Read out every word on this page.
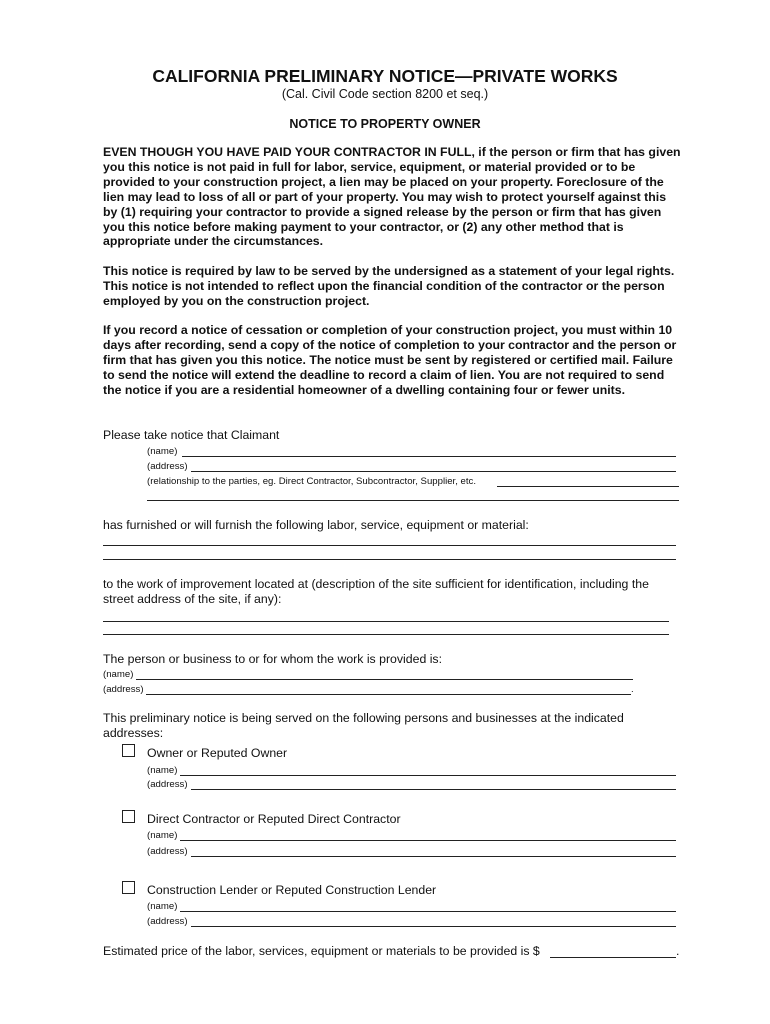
CALIFORNIA PRELIMINARY NOTICE—PRIVATE WORKS
(Cal. Civil Code section 8200 et seq.)
NOTICE TO PROPERTY OWNER

EVEN THOUGH YOU HAVE PAID YOUR CONTRACTOR IN FULL, if the person or firm that has given you this notice is not paid in full for labor, service, equipment, or material provided or to be provided to your construction project, a lien may be placed on your property. Foreclosure of the lien may lead to loss of all or part of your property. You may wish to protect yourself against this by (1) requiring your contractor to provide a signed release by the person or firm that has given you this notice before making payment to your contractor, or (2) any other method that is appropriate under the circumstances.

This notice is required by law to be served by the undersigned as a statement of your legal rights. This notice is not intended to reflect upon the financial condition of the contractor or the person employed by you on the construction project.

If you record a notice of cessation or completion of your construction project, you must within 10 days after recording, send a copy of the notice of completion to your contractor and the person or firm that has given you this notice. The notice must be sent by registered or certified mail. Failure to send the notice will extend the deadline to record a claim of lien. You are not required to send the notice if you are a residential homeowner of a dwelling containing four or fewer units.

Please take notice that Claimant
(name)
(address)
(relationship to the parties, eg. Direct Contractor, Subcontractor, Supplier, etc.
has furnished or will furnish the following labor, service, equipment or material:
to the work of improvement located at (description of the site sufficient for identification, including the street address of the site, if any):
The person or business to or for whom the work is provided is:
(name)
(address)	.
This preliminary notice is being served on the following persons and businesses at the indicated addresses:
Owner or Reputed Owner
(name)
(address)
Direct Contractor or Reputed Direct Contractor
(name)
(address)
Construction Lender or Reputed Construction Lender
(name)
(address)
Estimated price of the labor, services, equipment or materials to be provided is $	.
